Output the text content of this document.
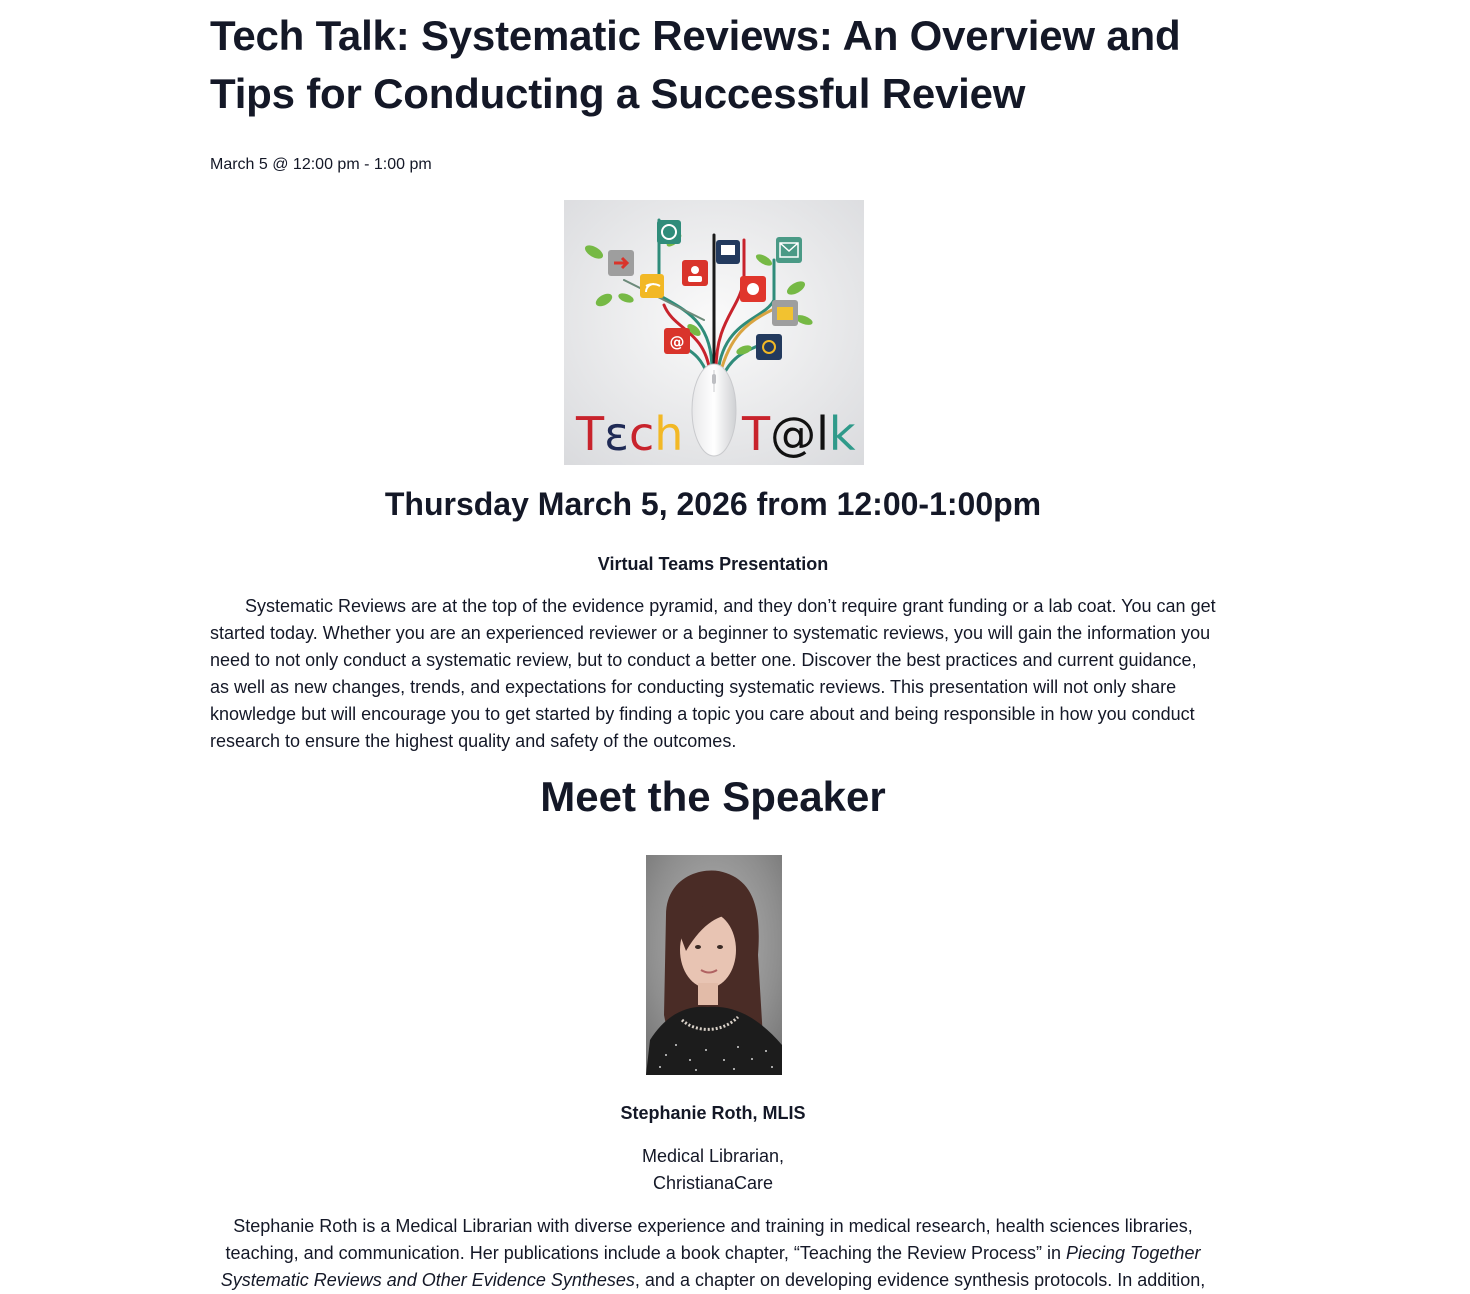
Tech Talk: Systematic Reviews: An Overview and Tips for Conducting a Successful Review
March 5 @ 12:00 pm - 1:00 pm
@
Tεch T@lk
Thursday March 5, 2026 from 12:00-1:00pm
Virtual Teams Presentation

Systematic Reviews are at the top of the evidence pyramid, and they don’t require grant funding or a lab coat. You can get started today. Whether you are an experienced reviewer or a beginner to systematic reviews, you will gain the information you need to not only conduct a systematic review, but to conduct a better one. Discover the best practices and current guidance, as well as new changes, trends, and expectations for conducting systematic reviews. This presentation will not only share knowledge but will encourage you to get started by finding a topic you care about and being responsible in how you conduct research to ensure the highest quality and safety of the outcomes.

Meet the Speaker
Stephanie Roth, MLIS
Medical Librarian,
ChristianaCare

Stephanie Roth is a Medical Librarian with diverse experience and training in medical research, health sciences libraries, teaching, and communication. Her publications include a book chapter, “Teaching the Review Process” in Piecing Together Systematic Reviews and Other Evidence Syntheses, and a chapter on developing evidence synthesis protocols. In addition,
